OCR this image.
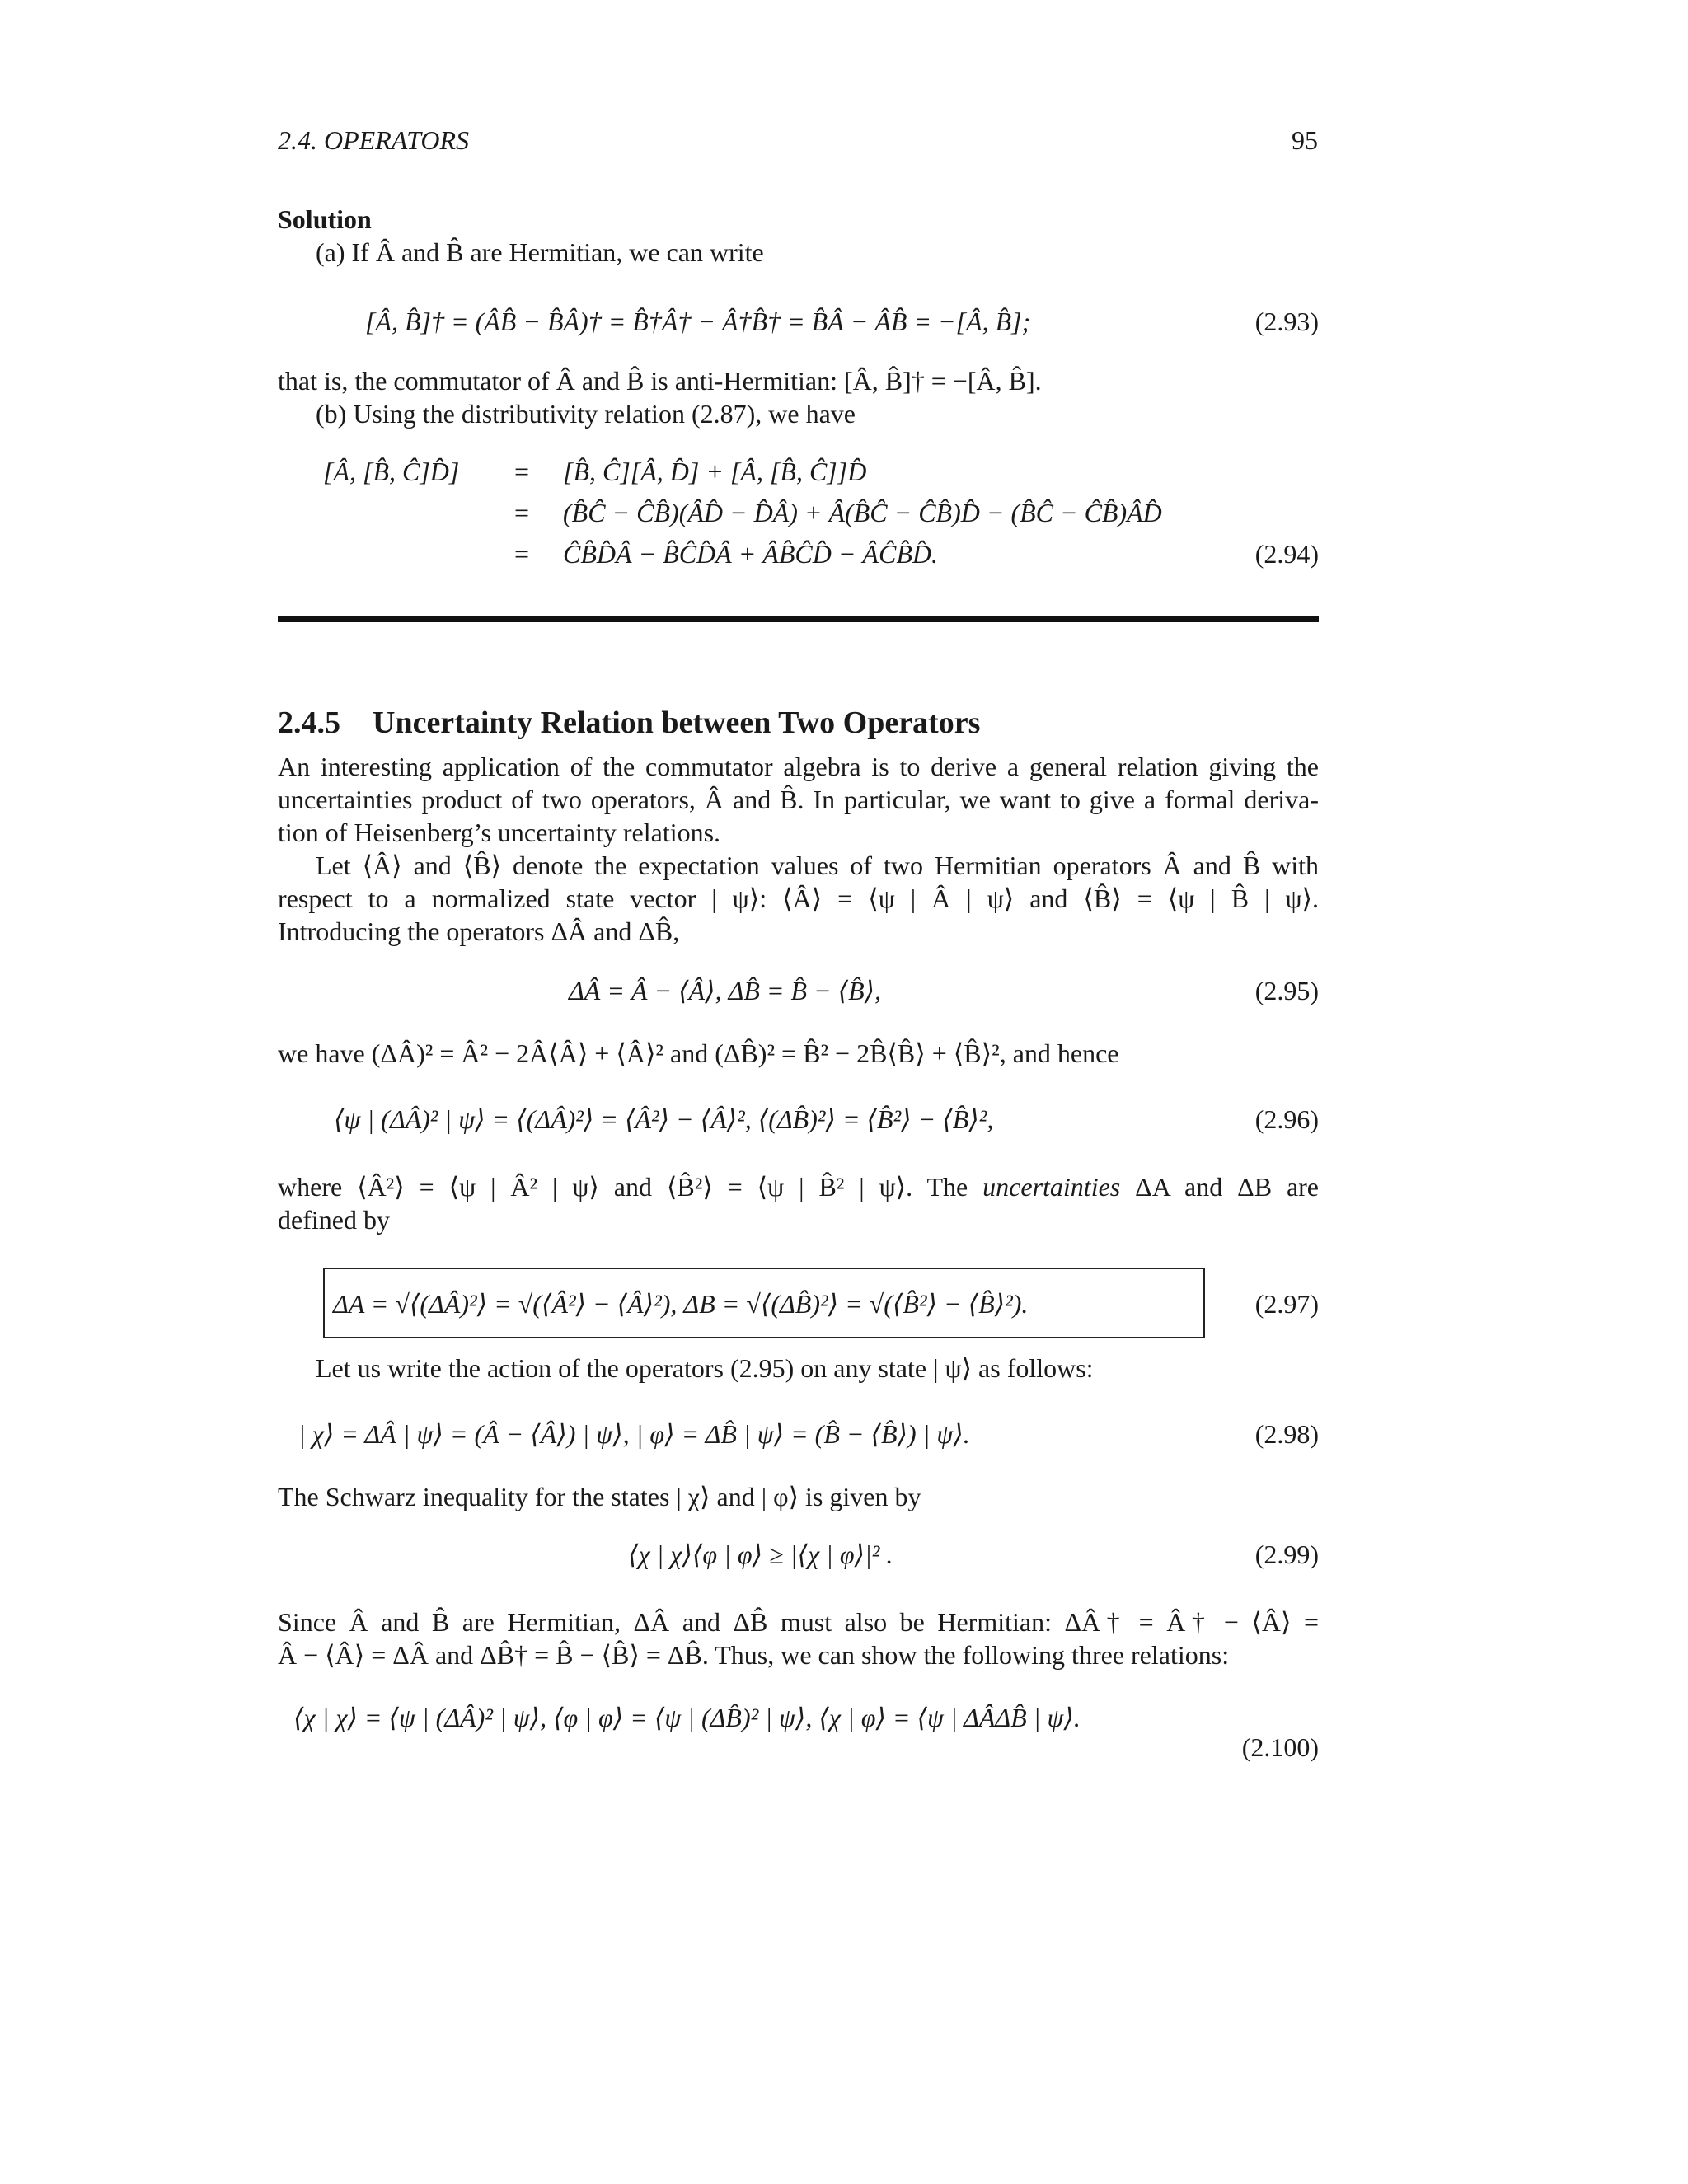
2.4. OPERATORS	95
Solution
(a) If Â and B̂ are Hermitian, we can write
[Â, B̂]† = (ÂB̂ − B̂Â)† = B̂†Â† − Â†B̂† = B̂Â − ÂB̂ = −[Â, B̂];	(2.93)
that is, the commutator of Â and B̂ is anti-Hermitian: [Â, B̂]† = −[Â, B̂].
(b) Using the distributivity relation (2.87), we have
[Â, [B̂, Ĉ]D̂] = [B̂, Ĉ][Â, D̂] + [Â, [B̂, Ĉ]]D̂
= (B̂Ĉ − ĈB̂)(ÂD̂ − D̂Â) + Â(B̂Ĉ − ĈB̂)D̂ − (B̂Ĉ − ĈB̂)ÂD̂
= ĈB̂D̂Â − B̂ĈD̂Â + ÂB̂ĈD̂ − ÂĈB̂D̂.	(2.94)
2.4.5 Uncertainty Relation between Two Operators
An interesting application of the commutator algebra is to derive a general relation giving the
uncertainties product of two operators, Â and B̂. In particular, we want to give a formal deriva-
tion of Heisenberg’s uncertainty relations.
Let ⟨Â⟩ and ⟨B̂⟩ denote the expectation values of two Hermitian operators Â and B̂ with
respect to a normalized state vector | ψ⟩: ⟨Â⟩ = ⟨ψ | Â | ψ⟩ and ⟨B̂⟩ = ⟨ψ | B̂ | ψ⟩.
Introducing the operators ΔÂ and ΔB̂,
ΔÂ = Â − ⟨Â⟩, ΔB̂ = B̂ − ⟨B̂⟩,	(2.95)
we have (ΔÂ)² = Â² − 2Â⟨Â⟩ + ⟨Â⟩² and (ΔB̂)² = B̂² − 2B̂⟨B̂⟩ + ⟨B̂⟩², and hence
⟨ψ | (ΔÂ)² | ψ⟩ = ⟨(ΔÂ)²⟩ = ⟨Â²⟩ − ⟨Â⟩², ⟨(ΔB̂)²⟩ = ⟨B̂²⟩ − ⟨B̂⟩²,	(2.96)
where ⟨Â²⟩ = ⟨ψ | Â² | ψ⟩ and ⟨B̂²⟩ = ⟨ψ | B̂² | ψ⟩. The uncertainties ΔA and ΔB are
defined by
ΔA = √⟨(ΔÂ)²⟩ = √(⟨Â²⟩ − ⟨Â⟩²), ΔB = √⟨(ΔB̂)²⟩ = √(⟨B̂²⟩ − ⟨B̂⟩²).	(2.97)
Let us write the action of the operators (2.95) on any state | ψ⟩ as follows:
| χ⟩ = ΔÂ | ψ⟩ = (Â − ⟨Â⟩) | ψ⟩, | φ⟩ = ΔB̂ | ψ⟩ = (B̂ − ⟨B̂⟩) | ψ⟩.	(2.98)
The Schwarz inequality for the states | χ⟩ and | φ⟩ is given by
⟨χ | χ⟩⟨φ | φ⟩ ≥ |⟨χ | φ⟩|² .	(2.99)
Since Â and B̂ are Hermitian, ΔÂ and ΔB̂ must also be Hermitian: ΔÂ† = Â† − ⟨Â⟩ =
Â − ⟨Â⟩ = ΔÂ and ΔB̂† = B̂ − ⟨B̂⟩ = ΔB̂. Thus, we can show the following three relations:
⟨χ | χ⟩ = ⟨ψ | (ΔÂ)² | ψ⟩, ⟨φ | φ⟩ = ⟨ψ | (ΔB̂)² | ψ⟩, ⟨χ | φ⟩ = ⟨ψ | ΔÂΔB̂ | ψ⟩.
(2.100)
